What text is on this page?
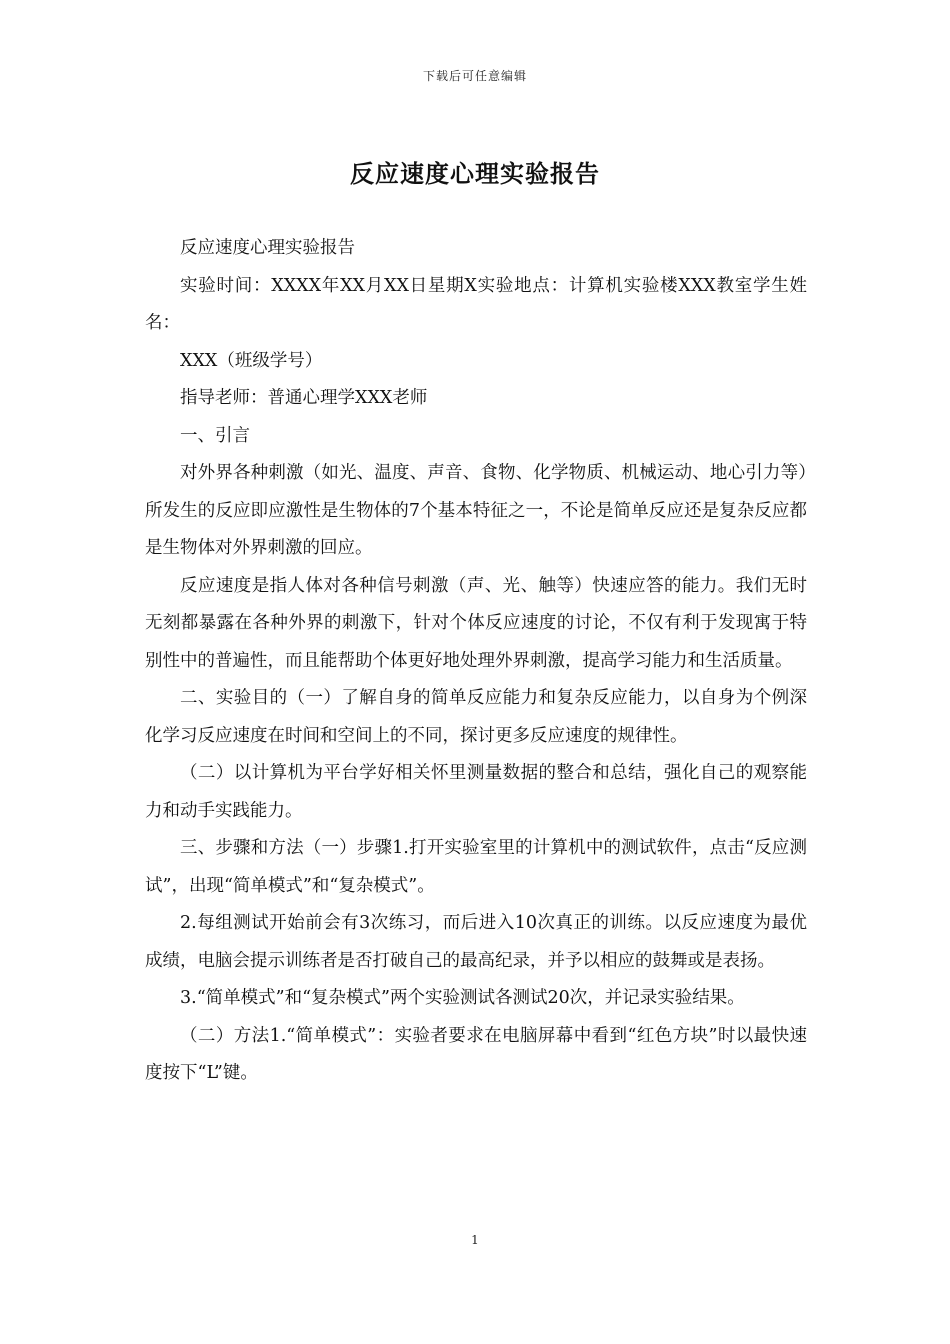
下载后可任意编辑
反应速度心理实验报告

反应速度心理实验报告

实验时间：XXXX年XX月XX日星期X实验地点：计算机实验楼XXX教室学生姓名：

XXX（班级学号）

指导老师：普通心理学XXX老师

一、引言

对外界各种刺激（如光、温度、声音、食物、化学物质、机械运动、地心引力等）所发生的反应即应激性是生物体的7个基本特征之一，不论是简单反应还是复杂反应都是生物体对外界刺激的回应。

反应速度是指人体对各种信号刺激（声、光、触等）快速应答的能力。我们无时无刻都暴露在各种外界的刺激下，针对个体反应速度的讨论，不仅有利于发现寓于特别性中的普遍性，而且能帮助个体更好地处理外界刺激，提高学习能力和生活质量。

二、实验目的（一）了解自身的简单反应能力和复杂反应能力，以自身为个例深化学习反应速度在时间和空间上的不同，探讨更多反应速度的规律性。

（二）以计算机为平台学好相关怀里测量数据的整合和总结，强化自己的观察能力和动手实践能力。

三、步骤和方法（一）步骤1.打开实验室里的计算机中的测试软件，点击“反应测试”，出现“简单模式”和“复杂模式”。

2.每组测试开始前会有3次练习，而后进入10次真正的训练。以反应速度为最优成绩，电脑会提示训练者是否打破自己的最高纪录，并予以相应的鼓舞或是表扬。

3.“简单模式”和“复杂模式”两个实验测试各测试20次，并记录实验结果。

（二）方法1.“简单模式”：实验者要求在电脑屏幕中看到“红色方块”时以最快速度按下“L”键。

1
